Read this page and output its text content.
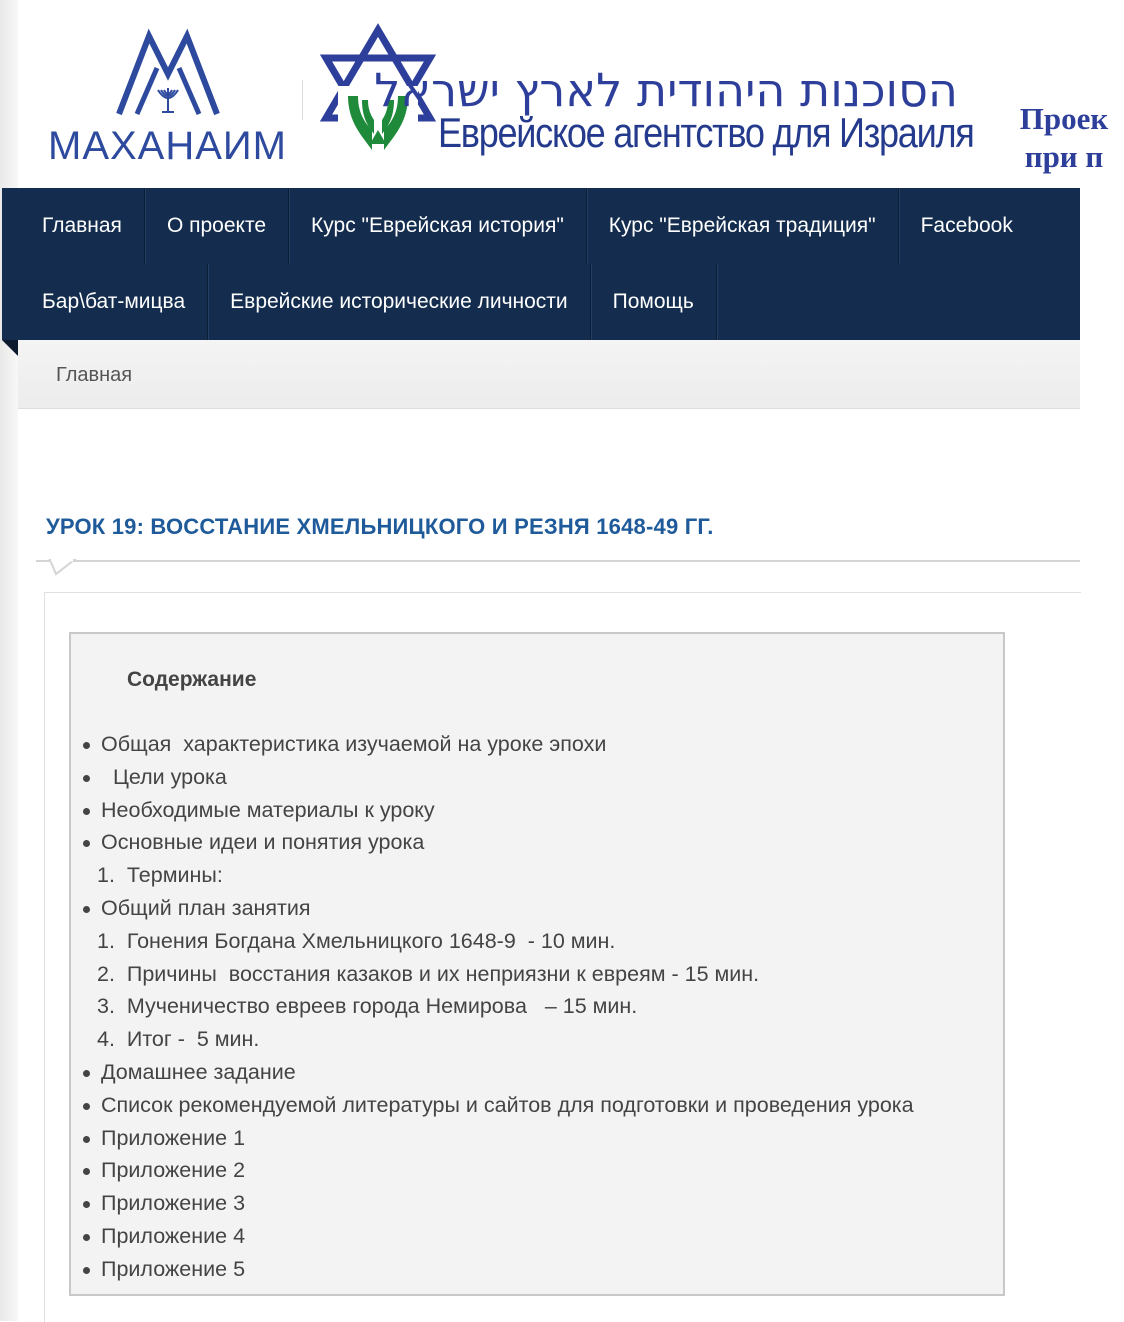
МАХАНАИМ
הסוכנות היהודית לארץ ישראל
Еврейское агентство для Израиля	Проек
при п
Главная	О проекте	Курс "Еврейская история"	Курс "Еврейская традиция"	Facebook
Бар\бат-мицва	Еврейские исторические личности	Помощь
Главная
УРОК 19: ВОССТАНИЕ ХМЕЛЬНИЦКОГО И РЕЗНЯ 1648-49 ГГ.
Содержание
Общая  характеристика изучаемой на уроке эпохи
Цели урока
Необходимые материалы к уроку
Основные идеи и понятия урока
1.  Термины:
Общий план занятия
1.  Гонения Богдана Хмельницкого 1648-9  - 10 мин.
2.  Причины  восстания казаков и их неприязни к евреям - 15 мин.
3.  Мученичество евреев города Немирова   – 15 мин.
4.  Итог -  5 мин.
Домашнее задание
Список рекомендуемой литературы и сайтов для подготовки и проведения урока
Приложение 1
Приложение 2
Приложение 3
Приложение 4
Приложение 5
